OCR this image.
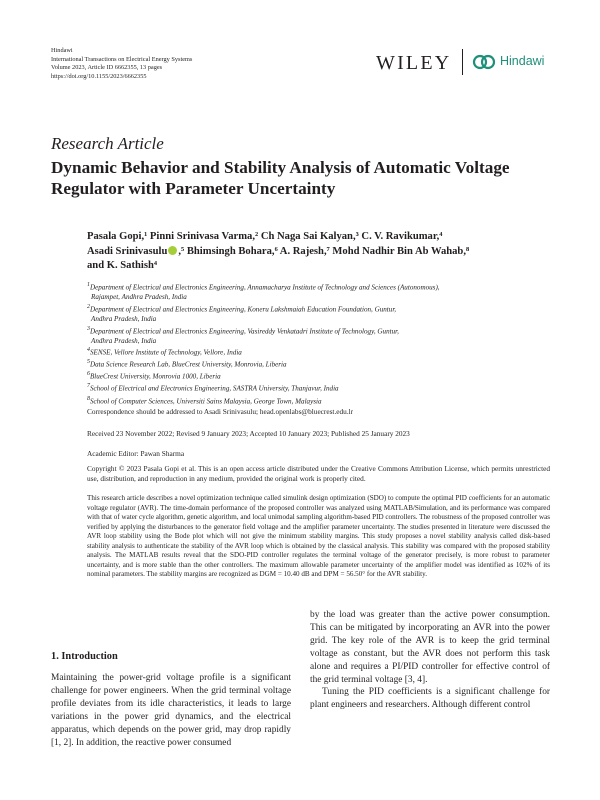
Hindawi
International Transactions on Electrical Energy Systems
Volume 2023, Article ID 6662355, 13 pages
https://doi.org/10.1155/2023/6662355
WILEY	Hindawi
Research Article
Dynamic Behavior and Stability Analysis of Automatic Voltage Regulator with Parameter Uncertainty
Pasala Gopi,¹ Pinni Srinivasa Varma,² Ch Naga Sai Kalyan,³ C. V. Ravikumar,⁴
Asadi Srinivasulu ,⁵ Bhimsingh Bohara,⁶ A. Rajesh,⁷ Mohd Nadhir Bin Ab Wahab,⁸
and K. Sathish⁴
$^1$Department of Electrical and Electronics Engineering, Annamacharya Institute of Technology and Sciences (Autonomous),
Rajampet, Andhra Pradesh, India
$^2$Department of Electrical and Electronics Engineering, Koneru Lakshmaiah Education Foundation, Guntur,
Andhra Pradesh, India
$^3$Department of Electrical and Electronics Engineering, Vasireddy Venkatadri Institute of Technology, Guntur,
Andhra Pradesh, India
$^4$SENSE, Vellore Institute of Technology, Vellore, India
$^5$Data Science Research Lab, BlueCrest University, Monrovia, Liberia
$^6$BlueCrest University, Monrovia 1000, Liberia
$^7$School of Electrical and Electronics Engineering, SASTRA University, Thanjavur, India
$^8$School of Computer Sciences, Universiti Sains Malaysia, George Town, Malaysia
Correspondence should be addressed to Asadi Srinivasulu; head.openlabs@bluecrest.edu.lr
Received 23 November 2022; Revised 9 January 2023; Accepted 10 January 2023; Published 25 January 2023
Academic Editor: Pawan Sharma
Copyright © 2023 Pasala Gopi et al. This is an open access article distributed under the Creative Commons Attribution License, which permits unrestricted use, distribution, and reproduction in any medium, provided the original work is properly cited.
This research article describes a novel optimization technique called simulink design optimization (SDO) to compute the optimal PID coefficients for an automatic voltage regulator (AVR). The time-domain performance of the proposed controller was analyzed using MATLAB/Simulation, and its performance was compared with that of water cycle algorithm, genetic algorithm, and local unimodal sampling algorithm-based PID controllers. The robustness of the proposed controller was verified by applying the disturbances to the generator field voltage and the amplifier parameter uncertainty. The studies presented in literature were discussed the AVR loop stability using the Bode plot which will not give the minimum stability margins. This study proposes a novel stability analysis called disk-based stability analysis to authenticate the stability of the AVR loop which is obtained by the classical analysis. This stability was compared with the proposed stability analysis. The MATLAB results reveal that the SDO-PID controller regulates the terminal voltage of the generator precisely, is more robust to parameter uncertainty, and is more stable than the other controllers. The maximum allowable parameter uncertainty of the amplifier model was identified as 102% of its nominal parameters. The stability margins are recognized as DGM = 10.40 dB and DPM = 56.50° for the AVR stability.
1. Introduction

Maintaining the power-grid voltage profile is a significant challenge for power engineers. When the grid terminal voltage profile deviates from its idle characteristics, it leads to large variations in the power grid dynamics, and the electrical apparatus, which depends on the power grid, may drop rapidly [1, 2]. In addition, the reactive power consumed

by the load was greater than the active power consumption. This can be mitigated by incorporating an AVR into the power grid. The key role of the AVR is to keep the grid terminal voltage as constant, but the AVR does not perform this task alone and requires a PI/PID controller for effective control of the grid terminal voltage [3, 4].

Tuning the PID coefficients is a significant challenge for plant engineers and researchers. Although different control
